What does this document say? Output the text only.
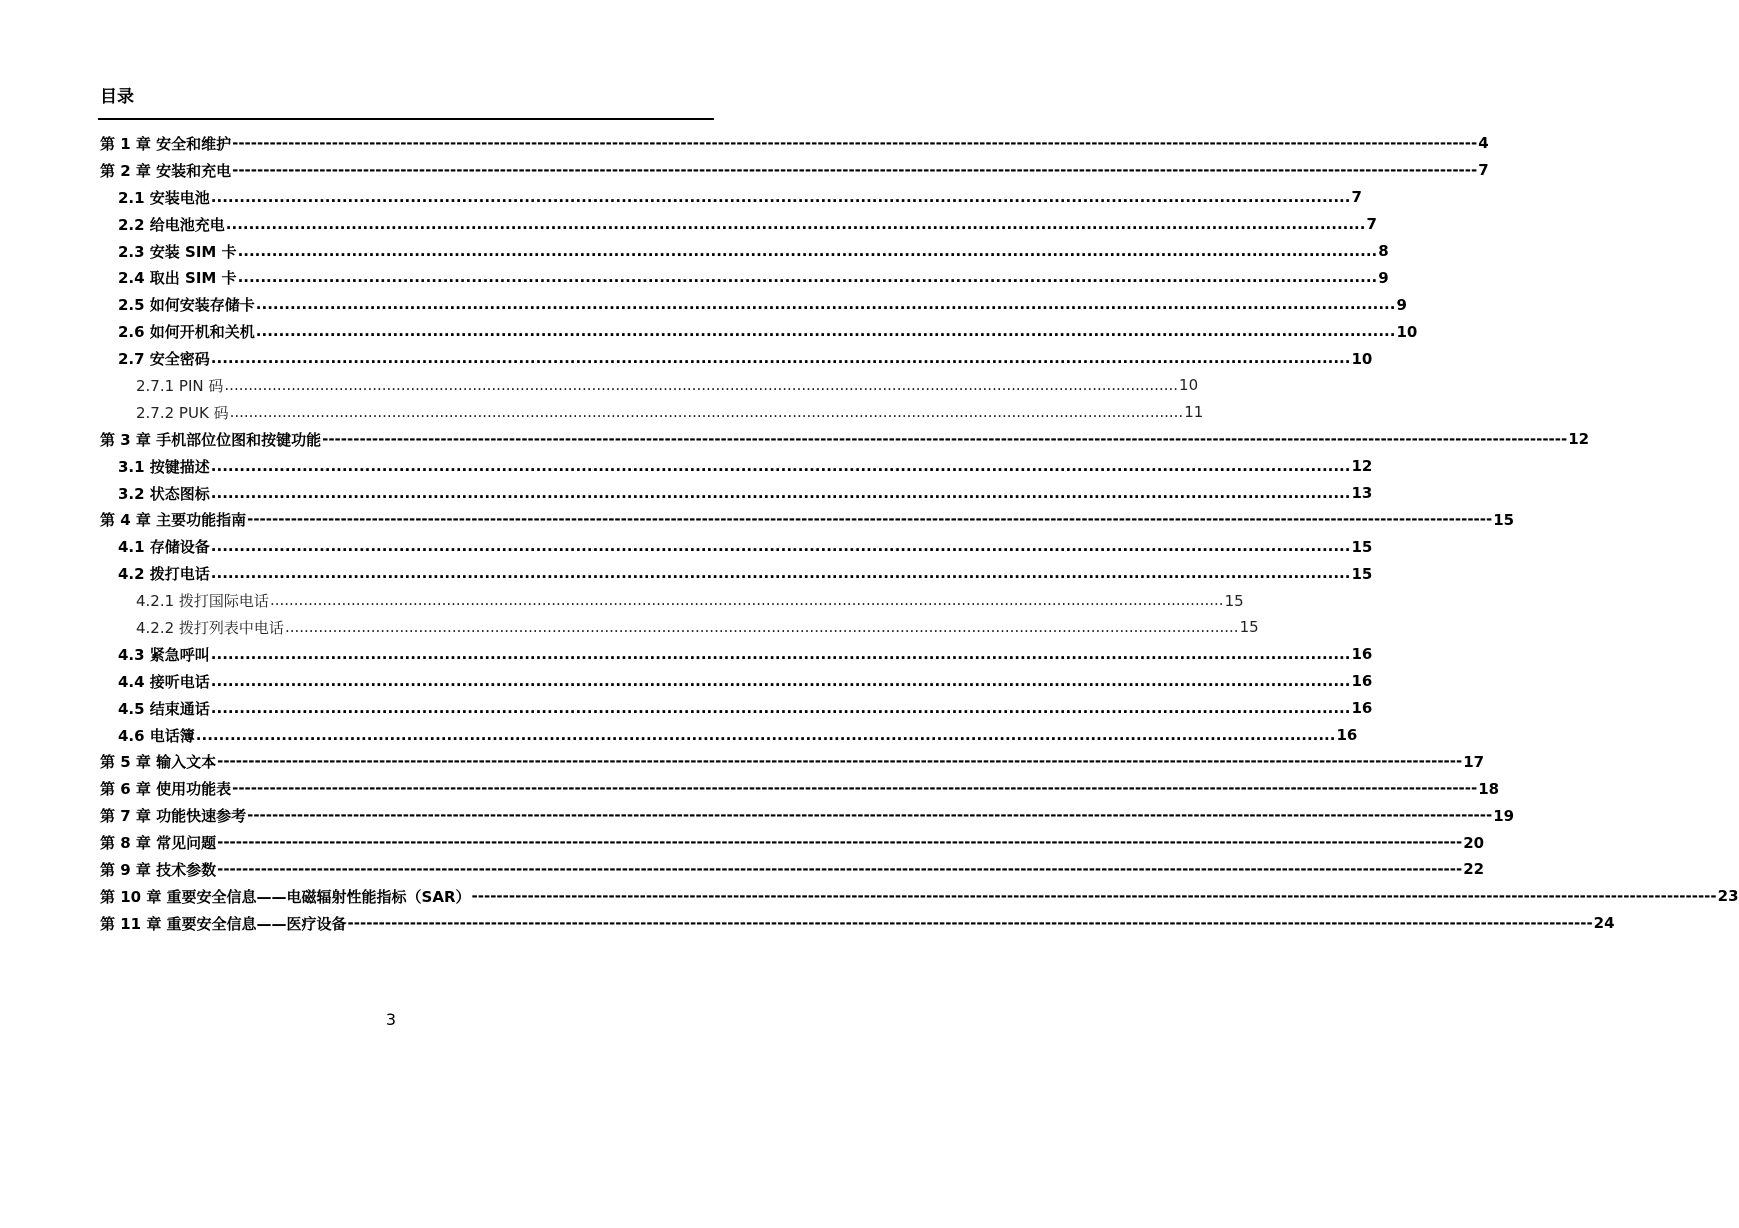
目录
第 1 章 安全和维护 -------------------------------------------------------------------------------------------------------------------------------------------------------------------------------------------------------- 4
第 2 章 安装和充电 -------------------------------------------------------------------------------------------------------------------------------------------------------------------------------------------------------- 7
2.1 安装电池 ........................................................................................................................................................................................................ 7
2.2 给电池充电 ........................................................................................................................................................................................................ 7
2.3 安装 SIM 卡 ........................................................................................................................................................................................................ 8
2.4 取出 SIM 卡 ........................................................................................................................................................................................................ 9
2.5 如何安装存储卡 ........................................................................................................................................................................................................ 9
2.6 如何开机和关机 ........................................................................................................................................................................................................ 10
2.7 安全密码 ........................................................................................................................................................................................................ 10
2.7.1 PIN 码 ........................................................................................................................................................................................................ 10
2.7.2 PUK 码 ........................................................................................................................................................................................................ 11
第 3 章 手机部位位图和按键功能 -------------------------------------------------------------------------------------------------------------------------------------------------------------------------------------------------------- 12
3.1 按键描述 ........................................................................................................................................................................................................ 12
3.2 状态图标 ........................................................................................................................................................................................................ 13
第 4 章 主要功能指南 -------------------------------------------------------------------------------------------------------------------------------------------------------------------------------------------------------- 15
4.1 存储设备 ........................................................................................................................................................................................................ 15
4.2 拨打电话 ........................................................................................................................................................................................................ 15
4.2.1 拨打国际电话 ........................................................................................................................................................................................................ 15
4.2.2 拨打列表中电话 ........................................................................................................................................................................................................ 15
4.3 紧急呼叫 ........................................................................................................................................................................................................ 16
4.4 接听电话 ........................................................................................................................................................................................................ 16
4.5 结束通话 ........................................................................................................................................................................................................ 16
4.6 电话簿 ........................................................................................................................................................................................................ 16
第 5 章 输入文本 -------------------------------------------------------------------------------------------------------------------------------------------------------------------------------------------------------- 17
第 6 章 使用功能表 -------------------------------------------------------------------------------------------------------------------------------------------------------------------------------------------------------- 18
第 7 章 功能快速参考 -------------------------------------------------------------------------------------------------------------------------------------------------------------------------------------------------------- 19
第 8 章 常见问题 -------------------------------------------------------------------------------------------------------------------------------------------------------------------------------------------------------- 20
第 9 章 技术参数 -------------------------------------------------------------------------------------------------------------------------------------------------------------------------------------------------------- 22
第 10 章 重要安全信息——电磁辐射性能指标（SAR） -------------------------------------------------------------------------------------------------------------------------------------------------------------------------------------------------------- 23
第 11 章 重要安全信息——医疗设备 -------------------------------------------------------------------------------------------------------------------------------------------------------------------------------------------------------- 24
3
